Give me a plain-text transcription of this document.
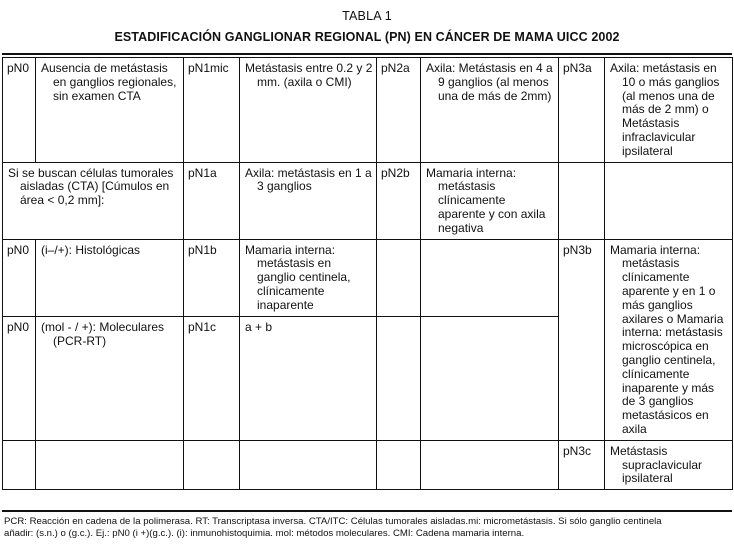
TABLA 1
ESTADIFICACIÓN GANGLIONAR REGIONAL (PN) EN CÁNCER DE MAMA UICC 2002
pN0	Ausencia de metástasis en ganglios regionales, sin examen CTA	pN1mic	Metástasis entre 0.2 y 2 mm. (axila o CMI)	pN2a	Axila: Metástasis en 4 a 9 ganglios (al menos una de más de 2mm)	pN3a	Axila: metástasis en 10 o más ganglios (al menos una de más de 2 mm) o Metástasis infraclavicular ipsilateral

Si se buscan células tumorales aisladas (CTA) [Cúmulos en área < 0,2 mm]:		pN1a	Axila: metástasis en 1 a 3 ganglios	pN2b	Mamaria interna: metástasis clínicamente aparente y con axila negativa		

pN0	(i–/+): Histológicas	pN1b	Mamaria interna: metástasis en ganglio centinela, clínicamente inaparente			pN3b	Mamaria interna: metástasis clínicamente aparente y en 1 o más ganglios axilares o Mamaria interna: metástasis microscópica en ganglio centinela, clínicamente inaparente y más de 3 ganglios metastásicos en axila

pN0	(mol - / +): Moleculares (PCR-RT)	pN1c	a + b				

						pN3c	Metástasis supraclavicular ipsilateral
PCR: Reacción en cadena de la polimerasa. RT: Transcriptasa inversa. CTA/ITC: Células tumorales aisladas.mi: micrometástasis. Si sólo ganglio centinela
añadir: (s.n.) o (g.c.). Ej.: pN0 (i +)(g.c.). (i): inmunohistoquimia. mol: métodos moleculares. CMI: Cadena mamaria interna.
